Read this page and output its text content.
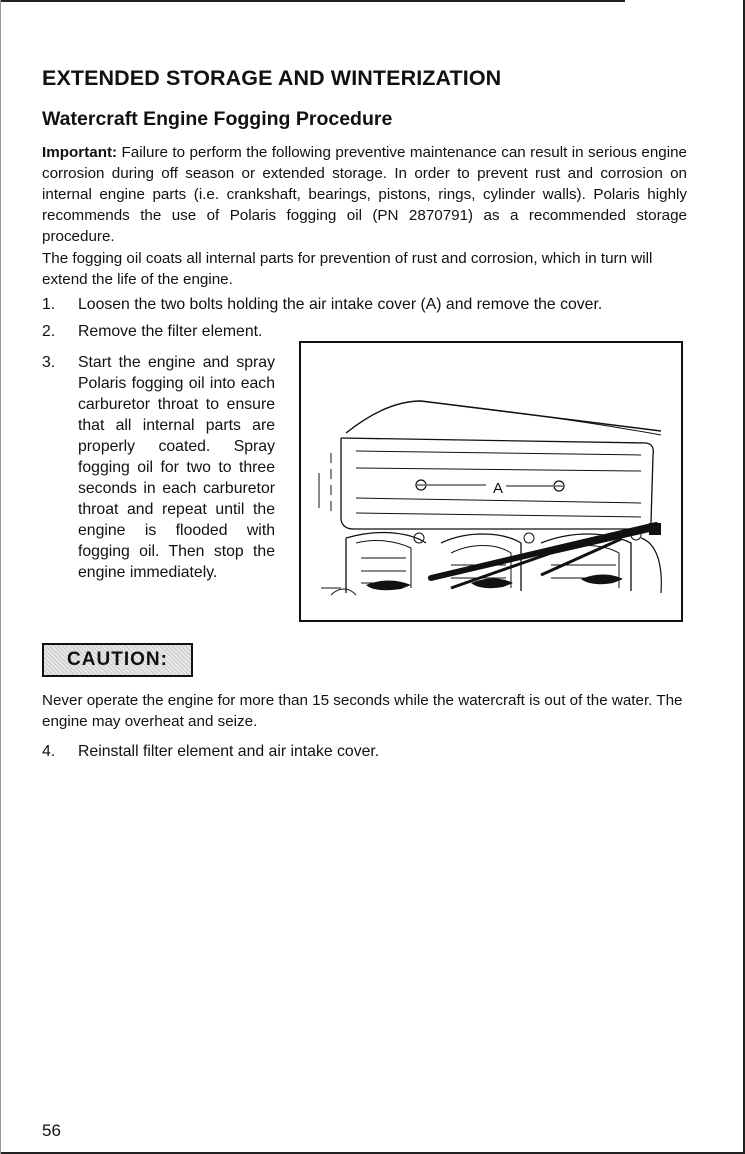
EXTENDED STORAGE AND WINTERIZATION
Watercraft Engine Fogging Procedure

Important: Failure to perform the following preventive maintenance can result in serious engine corrosion during off season or extended storage. In order to prevent rust and corrosion on internal engine parts (i.e. crankshaft, bearings, pistons, rings, cylinder walls). Polaris highly recommends the use of Polaris fogging oil (PN 2870791) as a recommended storage procedure.

The fogging oil coats all internal parts for prevention of rust and corrosion, which in turn will extend the life of the engine.

1. Loosen the two bolts holding the air intake cover (A) and remove the cover.
2. Remove the filter element.
3. Start the engine and spray Polaris fogging oil into each carburetor throat to ensure that all internal parts are properly coated. Spray fogging oil for two to three seconds in each carburetor throat and repeat until the engine is flooded with fogging oil. Then stop the engine immediately.
A
CAUTION:

Never operate the engine for more than 15 seconds while the watercraft is out of the water. The engine may overheat and seize.

4. Reinstall filter element and air intake cover.
56
